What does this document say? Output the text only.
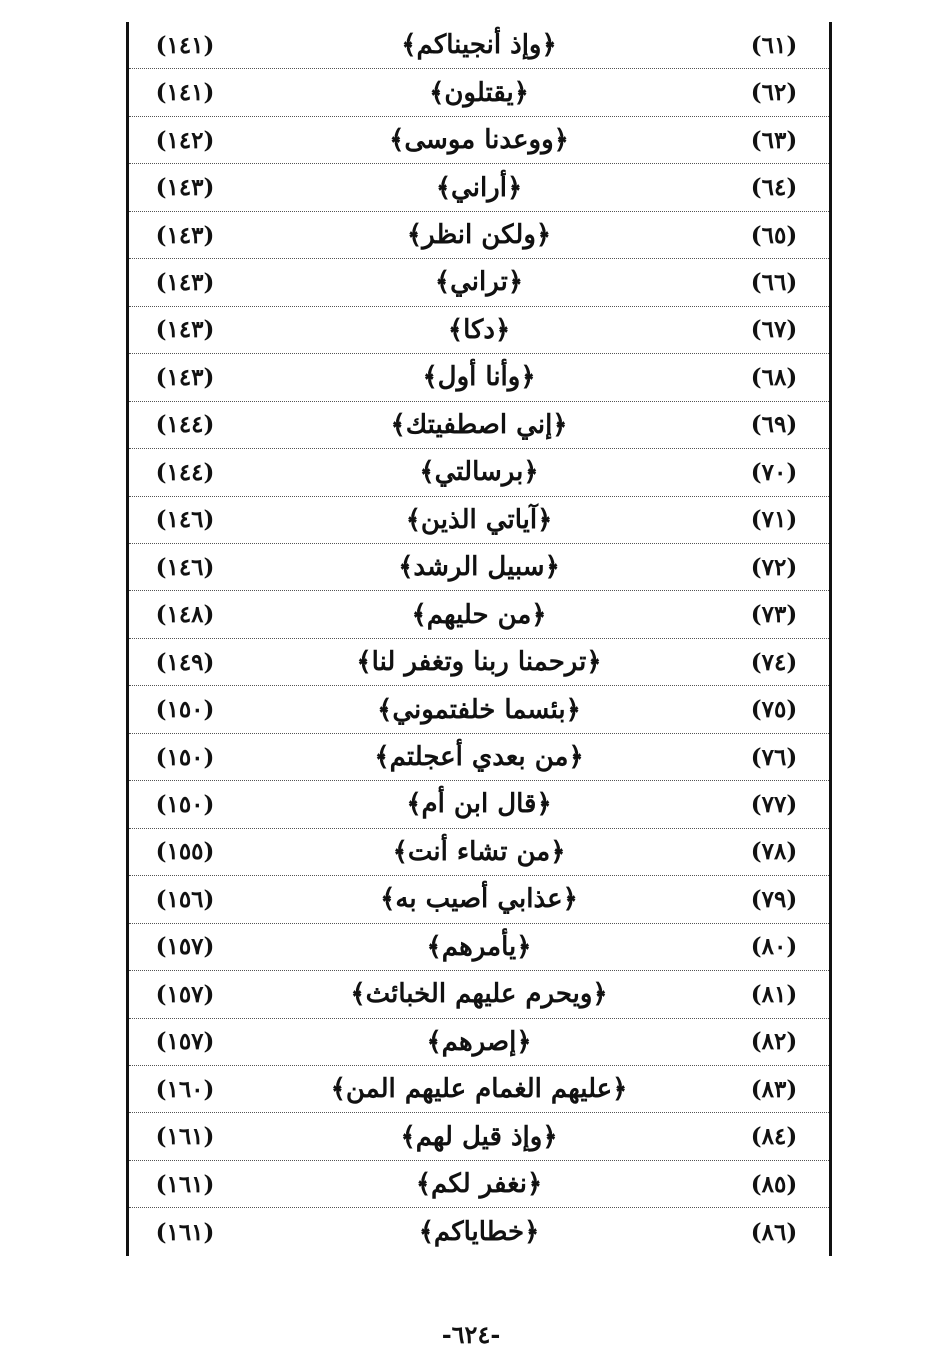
(٦١)
﴿وإذ أنجيناكم﴾
(١٤١)
(٦٢)
﴿يقتلون﴾
(١٤١)
(٦٣)
﴿ووعدنا موسى﴾
(١٤٢)
(٦٤)
﴿أراني﴾
(١٤٣)
(٦٥)
﴿ولكن انظر﴾
(١٤٣)
(٦٦)
﴿تراني﴾
(١٤٣)
(٦٧)
﴿دكا﴾
(١٤٣)
(٦٨)
﴿وأنا أول﴾
(١٤٣)
(٦٩)
﴿إني اصطفيتك﴾
(١٤٤)
(٧٠)
﴿برسالتي﴾
(١٤٤)
(٧١)
﴿آياتي الذين﴾
(١٤٦)
(٧٢)
﴿سبيل الرشد﴾
(١٤٦)
(٧٣)
﴿من حليهم﴾
(١٤٨)
(٧٤)
﴿ترحمنا ربنا وتغفر لنا﴾
(١٤٩)
(٧٥)
﴿بئسما خلفتموني﴾
(١٥٠)
(٧٦)
﴿من بعدي أعجلتم﴾
(١٥٠)
(٧٧)
﴿قال ابن أم﴾
(١٥٠)
(٧٨)
﴿من تشاء أنت﴾
(١٥٥)
(٧٩)
﴿عذابي أصيب به﴾
(١٥٦)
(٨٠)
﴿يأمرهم﴾
(١٥٧)
(٨١)
﴿ويحرم عليهم الخبائث﴾
(١٥٧)
(٨٢)
﴿إصرهم﴾
(١٥٧)
(٨٣)
﴿عليهم الغمام عليهم المن﴾
(١٦٠)
(٨٤)
﴿وإذ قيل لهم﴾
(١٦١)
(٨٥)
﴿نغفر لكم﴾
(١٦١)
(٨٦)
﴿خطاياكم﴾
(١٦١)
-٦٢٤-
